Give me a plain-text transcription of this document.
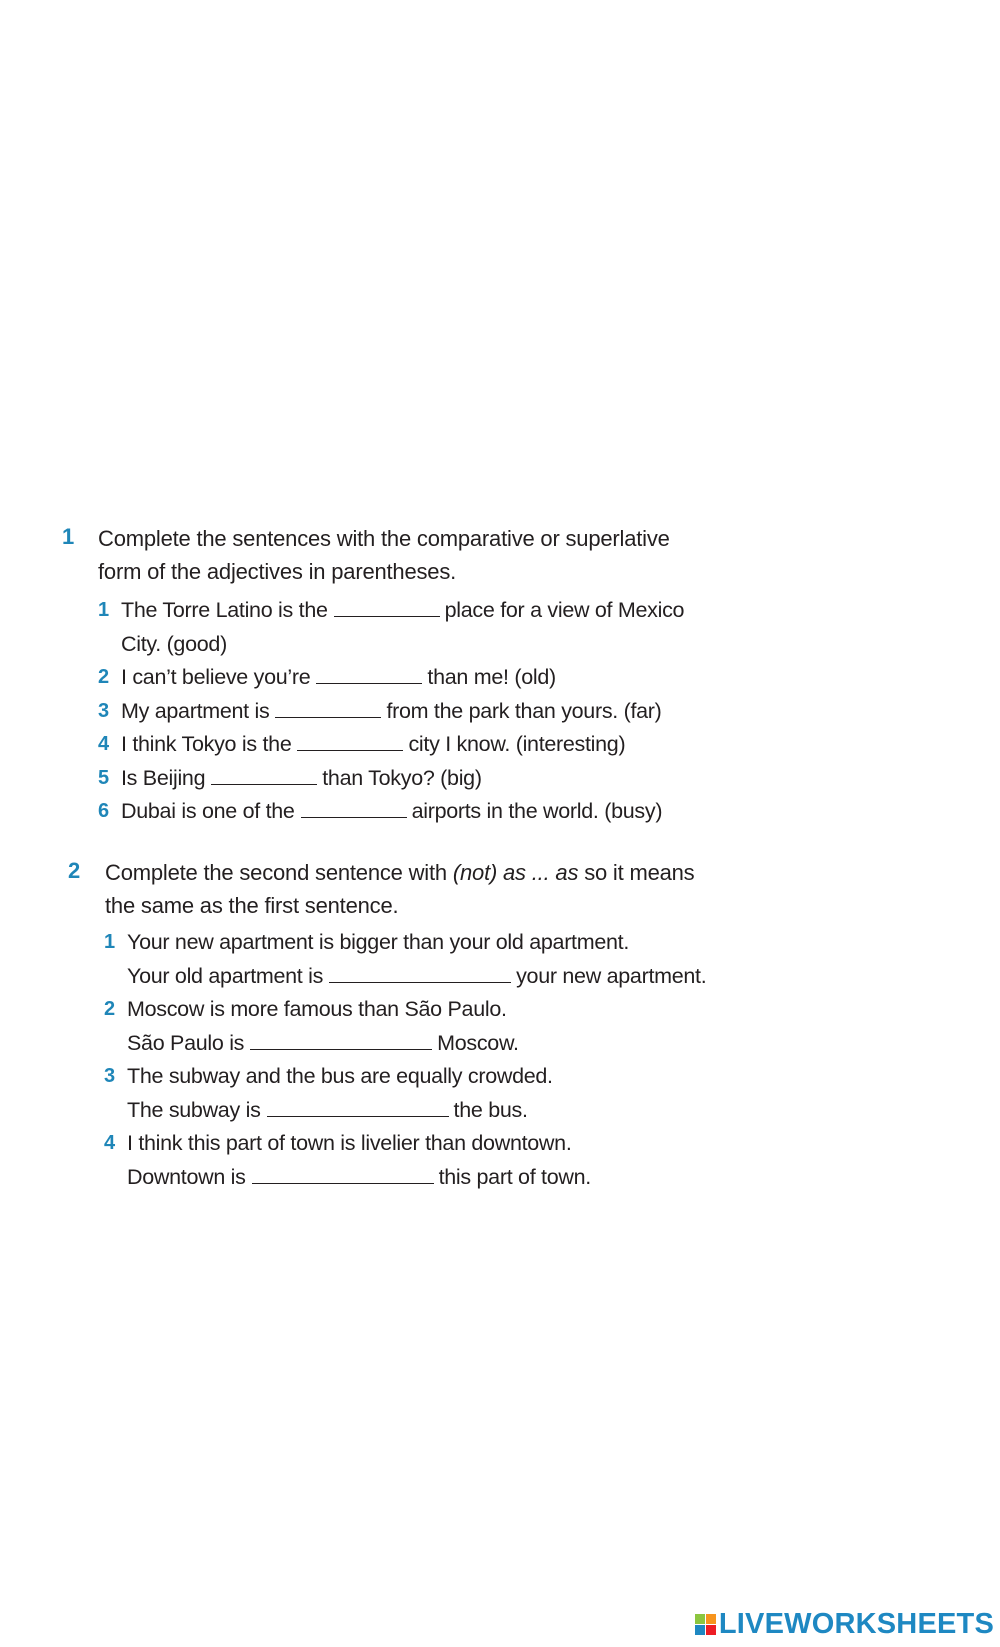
1 Complete the sentences with the comparative or superlative
form of the adjectives in parentheses.
1 The Torre Latino is the	place for a view of Mexico
City. (good)
2 I can’t believe you’re	than me! (old)
3 My apartment is	from the park than yours. (far)
4 I think Tokyo is the	city I know. (interesting)
5 Is Beijing	than Tokyo? (big)
6 Dubai is one of the	airports in the world. (busy)
2 Complete the second sentence with (not) as ... as so it means
the same as the first sentence.
1 Your new apartment is bigger than your old apartment.
Your old apartment is	your new apartment.
2 Moscow is more famous than São Paulo.
São Paulo is	Moscow.
3 The subway and the bus are equally crowded.
The subway is	the bus.
4 I think this part of town is livelier than downtown.
Downtown is	this part of town.
LIVEWORKSHEETS
